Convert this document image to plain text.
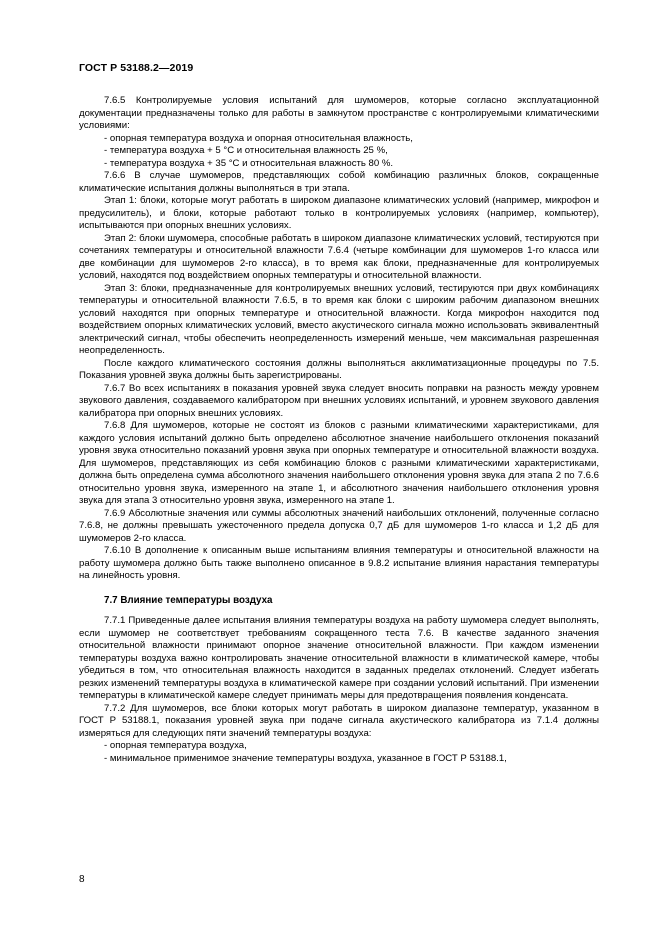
ГОСТ Р 53188.2—2019

7.6.5 Контролируемые условия испытаний для шумомеров, которые согласно эксплуатационной документации предназначены только для работы в замкнутом пространстве с контролируемыми климатическими условиями:

- опорная температура воздуха и опорная относительная влажность,

- температура воздуха + 5 °С и относительная влажность 25 %,

- температура воздуха + 35 °С и относительная влажность 80 %.

7.6.6 В случае шумомеров, представляющих собой комбинацию различных блоков, сокращенные климатические испытания должны выполняться в три этапа.

Этап 1: блоки, которые могут работать в широком диапазоне климатических условий (например, микрофон и предусилитель), и блоки, которые работают только в контролируемых условиях (например, компьютер), испытываются при опорных внешних условиях.

Этап 2: блоки шумомера, способные работать в широком диапазоне климатических условий, тестируются при сочетаниях температуры и относительной влажности 7.6.4 (четыре комбинации для шумомеров 1-го класса или две комбинации для шумомеров 2-го класса), в то время как блоки, предназначенные для контролируемых условий, находятся под воздействием опорных температуры и относительной влажности.

Этап 3: блоки, предназначенные для контролируемых внешних условий, тестируются при двух комбинациях температуры и относительной влажности 7.6.5, в то время как блоки с широким рабочим диапазоном внешних условий находятся при опорных температуре и относительной влажности. Когда микрофон находится под воздействием опорных климатических условий, вместо акустического сигнала можно использовать эквивалентный электрический сигнал, чтобы обеспечить неопределенность измерений меньше, чем максимальная разрешенная неопределенность.

После каждого климатического состояния должны выполняться акклиматизационные процедуры по 7.5. Показания уровней звука должны быть зарегистрированы.

7.6.7 Во всех испытаниях в показания уровней звука следует вносить поправки на разность между уровнем звукового давления, создаваемого калибратором при внешних условиях испытаний, и уровнем звукового давления калибратора при опорных внешних условиях.

7.6.8 Для шумомеров, которые не состоят из блоков с разными климатическими характеристиками, для каждого условия испытаний должно быть определено абсолютное значение наибольшего отклонения показаний уровня звука относительно показаний уровня звука при опорных температуре и относительной влажности воздуха. Для шумомеров, представляющих из себя комбинацию блоков с разными климатическими характеристиками, должна быть определена сумма абсолютного значения наибольшего отклонения уровня звука для этапа 2 по 7.6.6 относительно уровня звука, измеренного на этапе 1, и абсолютного значения наибольшего отклонения уровня звука для этапа 3 относительно уровня звука, измеренного на этапе 1.

7.6.9 Абсолютные значения или суммы абсолютных значений наибольших отклонений, полученные согласно 7.6.8, не должны превышать ужесточенного предела допуска 0,7 дБ для шумомеров 1-го класса и 1,2 дБ для шумомеров 2-го класса.

7.6.10 В дополнение к описанным выше испытаниям влияния температуры и относительной влажности на работу шумомера должно быть также выполнено описанное в 9.8.2 испытание влияния нарастания температуры на линейность уровня.

7.7 Влияние температуры воздуха

7.7.1 Приведенные далее испытания влияния температуры воздуха на работу шумомера следует выполнять, если шумомер не соответствует требованиям сокращенного теста 7.6. В качестве заданного значения относительной влажности принимают опорное значение относительной влажности. При каждом изменении температуры воздуха важно контролировать значение относительной влажности в климатической камере, чтобы убедиться в том, что относительная влажность находится в заданных пределах отклонений. Следует избегать резких изменений температуры воздуха в климатической камере при создании условий испытаний. При изменении температуры в климатической камере следует принимать меры для предотвращения появления конденсата.

7.7.2 Для шумомеров, все блоки которых могут работать в широком диапазоне температур, указанном в ГОСТ Р 53188.1, показания уровней звука при подаче сигнала акустического калибратора из 7.1.4 должны измеряться для следующих пяти значений температуры воздуха:

- опорная температура воздуха,

- минимальное применимое значение температуры воздуха, указанное в ГОСТ Р 53188.1,

8
